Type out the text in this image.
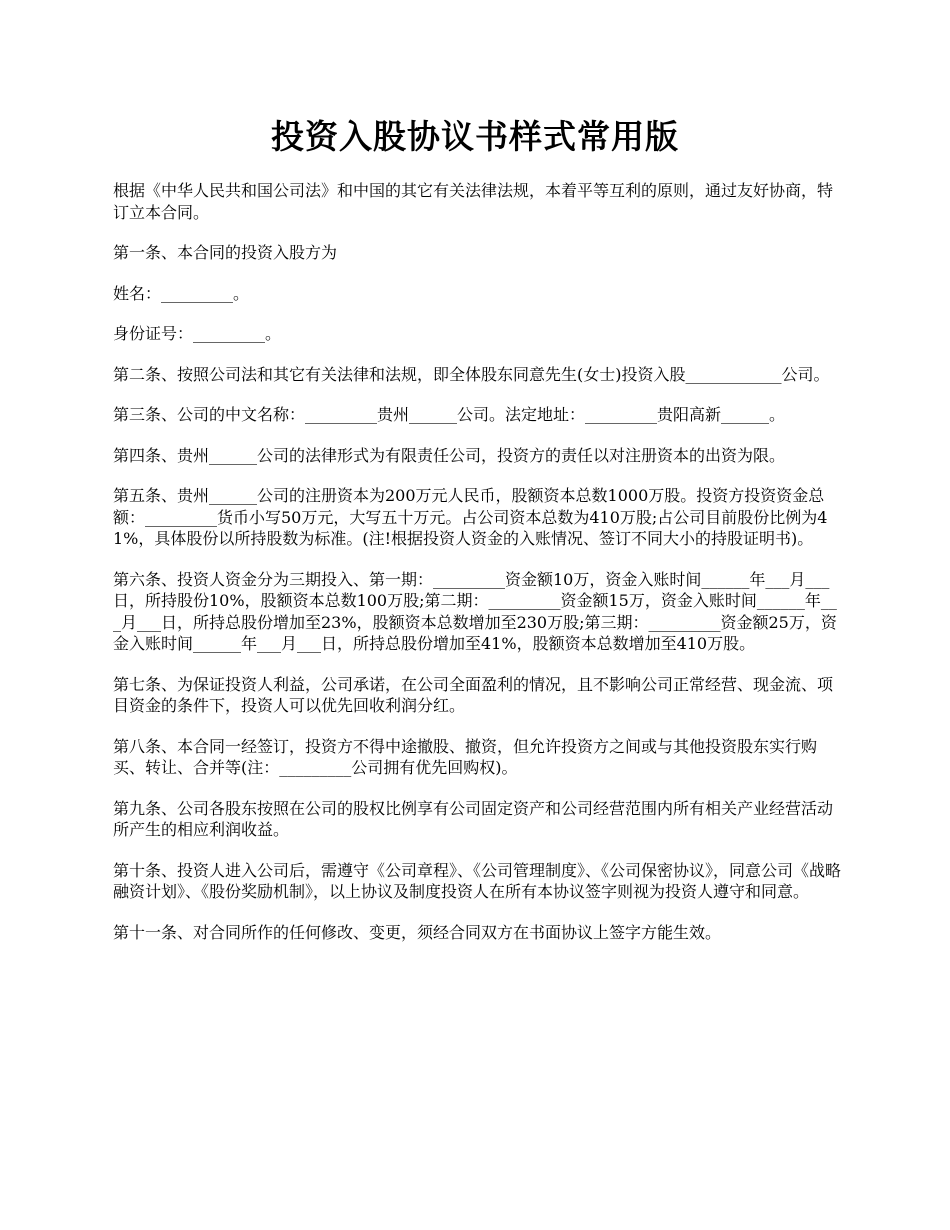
投资入股协议书样式常用版

根据《中华人民共和国公司法》和中国的其它有关法律法规，本着平等互利的原则，通过友好协商，特订立本合同。

第一条、本合同的投资入股方为

姓名：_________。

身份证号：_________。

第二条、按照公司法和其它有关法律和法规，即全体股东同意先生(女士)投资入股____________公司。

第三条、公司的中文名称：_________贵州______公司。法定地址：_________贵阳高新______。

第四条、贵州______公司的法律形式为有限责任公司，投资方的责任以对注册资本的出资为限。

第五条、贵州______公司的注册资本为200万元人民币，股额资本总数1000万股。投资方投资资金总额：_________货币小写50万元，大写五十万元。占公司资本总数为410万股;占公司目前股份比例为41%，具体股份以所持股数为标准。(注!根据投资人资金的入账情况、签订不同大小的持股证明书)。

第六条、投资人资金分为三期投入、第一期：_________资金额10万，资金入账时间______年___月___日，所持股份10%，股额资本总数100万股;第二期：_________资金额15万，资金入账时间______年___月___日，所持总股份增加至23%，股额资本总数增加至230万股;第三期：_________资金额25万，资金入账时间______年___月___日，所持总股份增加至41%，股额资本总数增加至410万股。

第七条、为保证投资人利益，公司承诺，在公司全面盈利的情况，且不影响公司正常经营、现金流、项目资金的条件下，投资人可以优先回收利润分红。

第八条、本合同一经签订，投资方不得中途撤股、撤资，但允许投资方之间或与其他投资股东实行购买、转让、合并等(注：_________公司拥有优先回购权)。

第九条、公司各股东按照在公司的股权比例享有公司固定资产和公司经营范围内所有相关产业经营活动所产生的相应利润收益。

第十条、投资人进入公司后，需遵守《公司章程》、《公司管理制度》、《公司保密协议》，同意公司《战略融资计划》、《股份奖励机制》，以上协议及制度投资人在所有本协议签字则视为投资人遵守和同意。

第十一条、对合同所作的任何修改、变更，须经合同双方在书面协议上签字方能生效。
